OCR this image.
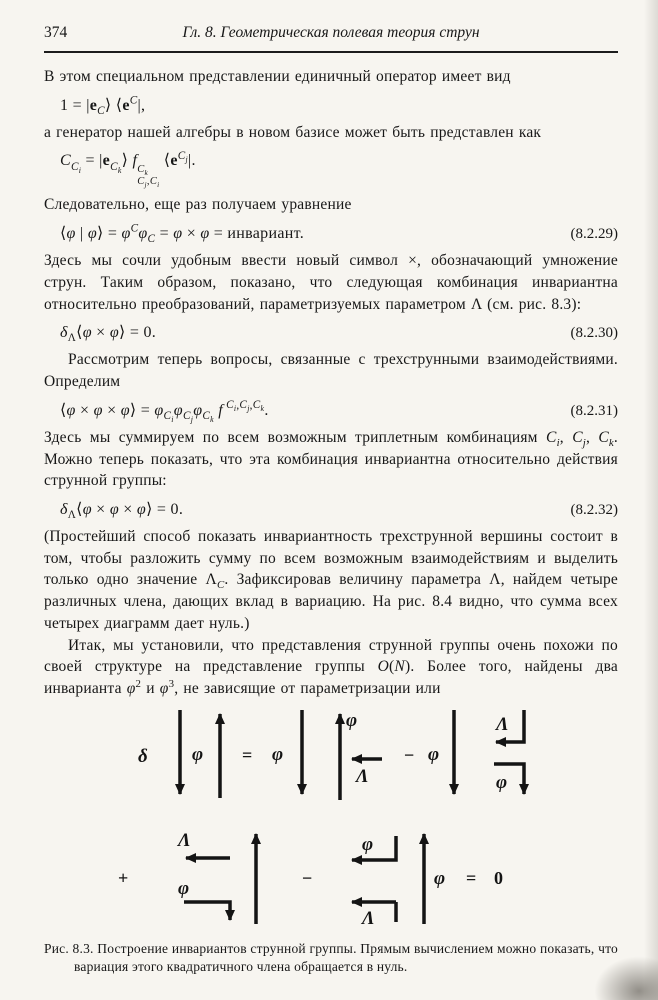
374	Гл. 8. Геометрическая полевая теория струн

В этом специальном представлении единичный оператор имеет вид

$1 = |e_C⟩$ $⟨e^C|$,

а генератор нашей алгебры в новом базисе может быть представлен как

$C_{C_i}$ = $|e_{C_k}⟩$ f
$C_k$
$C_j,C_i$
$⟨e^{C_j}|$.

Следовательно, еще раз получаем уравнение

⟨φ | φ⟩ = $\varphi^C\varphi_C = \varphi \times \varphi$ = инвариант.	(8.2.29)

Здесь мы сочли удобным ввести новый символ ×, обозначающий умножение струн. Таким образом, показано, что следующая комбинация инвариантна относительно преобразований, параметризуемых параметром Λ (см. рис. 8.3):

$\delta_\Lambda⟨\varphi$ × φ⟩ = 0.	(8.2.30)

Рассмотрим теперь вопросы, связанные с трехструнными взаимодействиями. Определим

⟨φ × φ × φ⟩ = $\varphi_{C_i}\varphi_{C_j}\varphi_{C_k}$ f $^{C_i,C_j,C_k}$.	(8.2.31)

Здесь мы суммируем по всем возможным триплетным комбинациям $C_i$, $C_j$, $C_k$. Можно теперь показать, что эта комбинация инвариантна относительно действия струнной группы:

$\delta_\Lambda⟨\varphi \times \varphi$ × φ⟩ = 0.	(8.2.32)

(Простейший способ показать инвариантность трехструнной вершины состоит в том, чтобы разложить сумму по всем возможным взаимодействиям и выделить только одно значение $\Lambda_C$. Зафиксировав величину параметра Λ, найдем четыре различных члена, дающих вклад в вариацию. На рис. 8.4 видно, что сумма всех четырех диаграмм дает нуль.)

Итак, мы установили, что представления струнной группы очень похожи по своей структуре на представление группы O(N). Более того, найдены два инварианта $\varphi^2$ и $\varphi^3$, не зависящие от параметризации или

δ φ = φ
φ
Λ
− φ
Λ
φ
+
Λ
φ	−
φ
Λ
φ = 0
Рис. 8.3. Построение инвариантов струнной группы. Прямым вычислением можно показать, что вариация этого квадратичного члена обращается в нуль.
